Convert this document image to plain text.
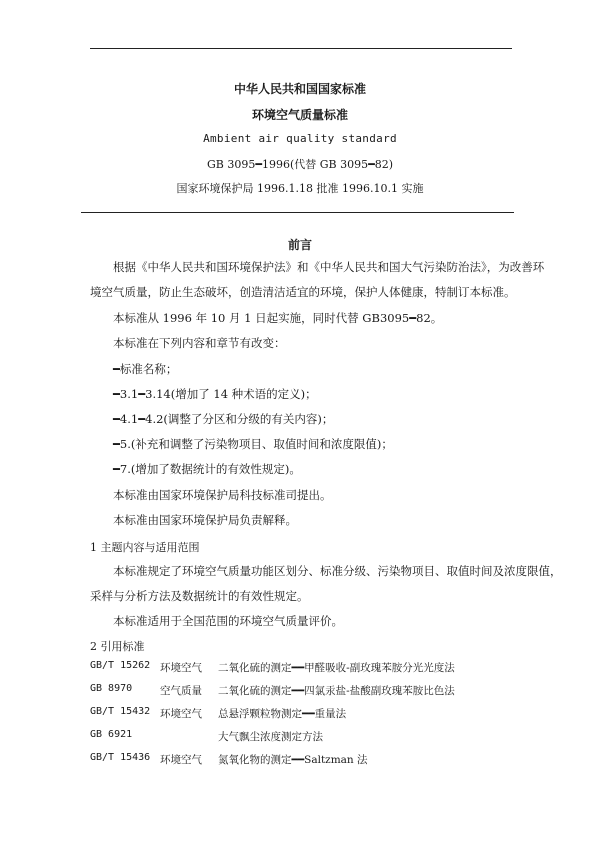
中华人民共和国国家标准
环境空气质量标准
Ambient air quality standard
GB 3095━1996(代替 GB 3095━82)
国家环境保护局 1996.1.18 批准 1996.10.1 实施
前言
根据《中华人民共和国环境保护法》和《中华人民共和国大气污染防治法》，为改善环
境空气质量，防止生态破坏，创造清洁适宜的环境，保护人体健康，特制订本标准。
本标准从 1996 年 10 月 1 日起实施，同时代替 GB3095━82。
本标准在下列内容和章节有改变：
━标准名称；
━3.1━3.14(增加了 14 种术语的定义)；
━4.1━4.2(调整了分区和分级的有关内容)；
━5.(补充和调整了污染物项目、取值时间和浓度限值)；
━7.(增加了数据统计的有效性规定)。
本标准由国家环境保护局科技标准司提出。
本标准由国家环境保护局负责解释。
1 主题内容与适用范围
本标准规定了环境空气质量功能区划分、标准分级、污染物项目、取值时间及浓度限值，
采样与分析方法及数据统计的有效性规定。
本标准适用于全国范围的环境空气质量评价。
2 引用标准
GB/T 15262 环境空气 二氧化硫的测定━━甲醛吸收-副玫瑰苯胺分光光度法
GB 8970	空气质量 二氧化硫的测定━━四氯汞盐-盐酸副玫瑰苯胺比色法
GB/T 15432 环境空气 总悬浮颗粒物测定━━重量法
GB 6921	大气飘尘浓度测定方法
GB/T 15436 环境空气 氮氧化物的测定━━Saltzman 法
